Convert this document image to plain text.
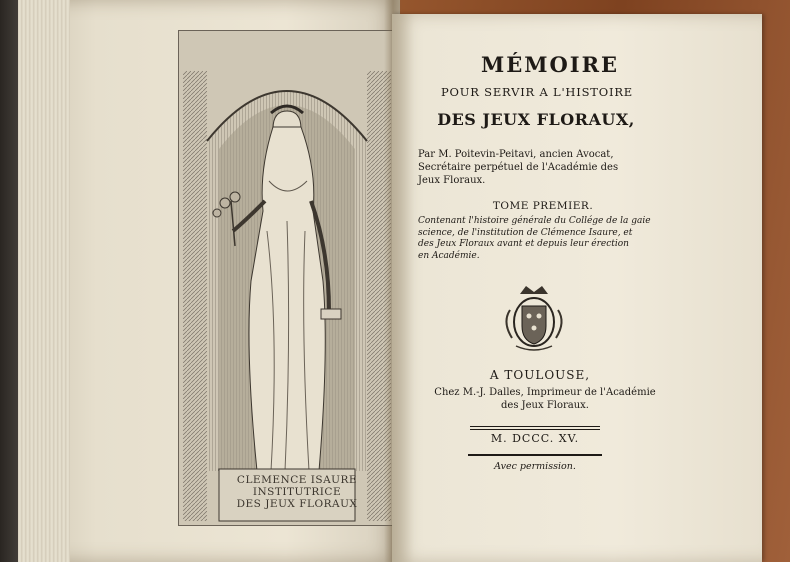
CLEMENCE ISAURE
INSTITUTRICE
DES JEUX FLORAUX
MÉMOIRE
POUR SERVIR A L'HISTOIRE
DES JEUX FLORAUX,
Par M. Poitevin-Peitavi, ancien Avocat,
Secrétaire perpétuel de l'Académie des
Jeux Floraux.
TOME PREMIER.
Contenant l'histoire générale du Collége de la gaie
science, de l'institution de Clémence Isaure, et
des Jeux Floraux avant et depuis leur érection
en Académie.
A TOULOUSE,
Chez M.-J. Dalles, Imprimeur de l'Académie
des Jeux Floraux.
M. DCCC. XV.
Avec permission.
